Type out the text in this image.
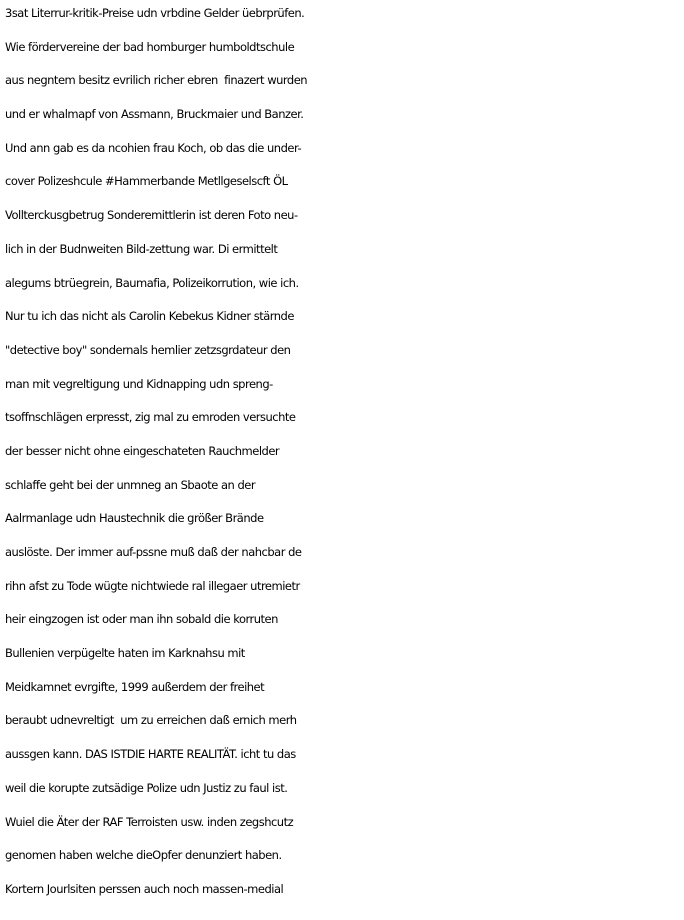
3sat Literrur-kritik-Preise udn vrbdine Gelder üebrprüfen.
Wie fördervereine der bad homburger humboldtschule
aus negntem besitz evrilich richer ebren  finazert wurden
und er whalmapf von Assmann, Bruckmaier und Banzer.
Und ann gab es da ncohien frau Koch, ob das die under-
cover Polizeshcule #Hammerbande Metllgeselscft ÖL
Vollterckusgbetrug Sonderemittlerin ist deren Foto neu-
lich in der Budnweiten Bild-zettung war. Di ermittelt
alegums btrüegrein, Baumafia, Polizeikorrution, wie ich.
Nur tu ich das nicht als Carolin Kebekus Kidner stärnde
"detective boy" sondernals hemlier zetzsgrdateur den
man mit vegreltigung und Kidnapping udn spreng-
tsoffnschlägen erpresst, zig mal zu emroden versuchte
der besser nicht ohne eingeschateten Rauchmelder
schlaffe geht bei der unmneg an Sbaote an der
Aalrmanlage udn Haustechnik die größer Brände
auslöste. Der immer auf-pssne muß daß der nahcbar de
rihn afst zu Tode wügte nichtwiede ral illegaer utremietr
heir eingzogen ist oder man ihn sobald die korruten
Bullenien verpügelte haten im Karknahsu mit
Meidkamnet evrgifte, 1999 außerdem der freihet
beraubt udnevreltigt  um zu erreichen daß ernich merh
aussgen kann. DAS ISTDIE HARTE REALITÄT. icht tu das
weil die korupte zutsädige Polize udn Justiz zu faul ist.
Wuiel die Äter der RAF Terroisten usw. inden zegshcutz
genomen haben welche dieOpfer denunziert haben.
Kortern Jourlsiten perssen auch noch massen-medial
